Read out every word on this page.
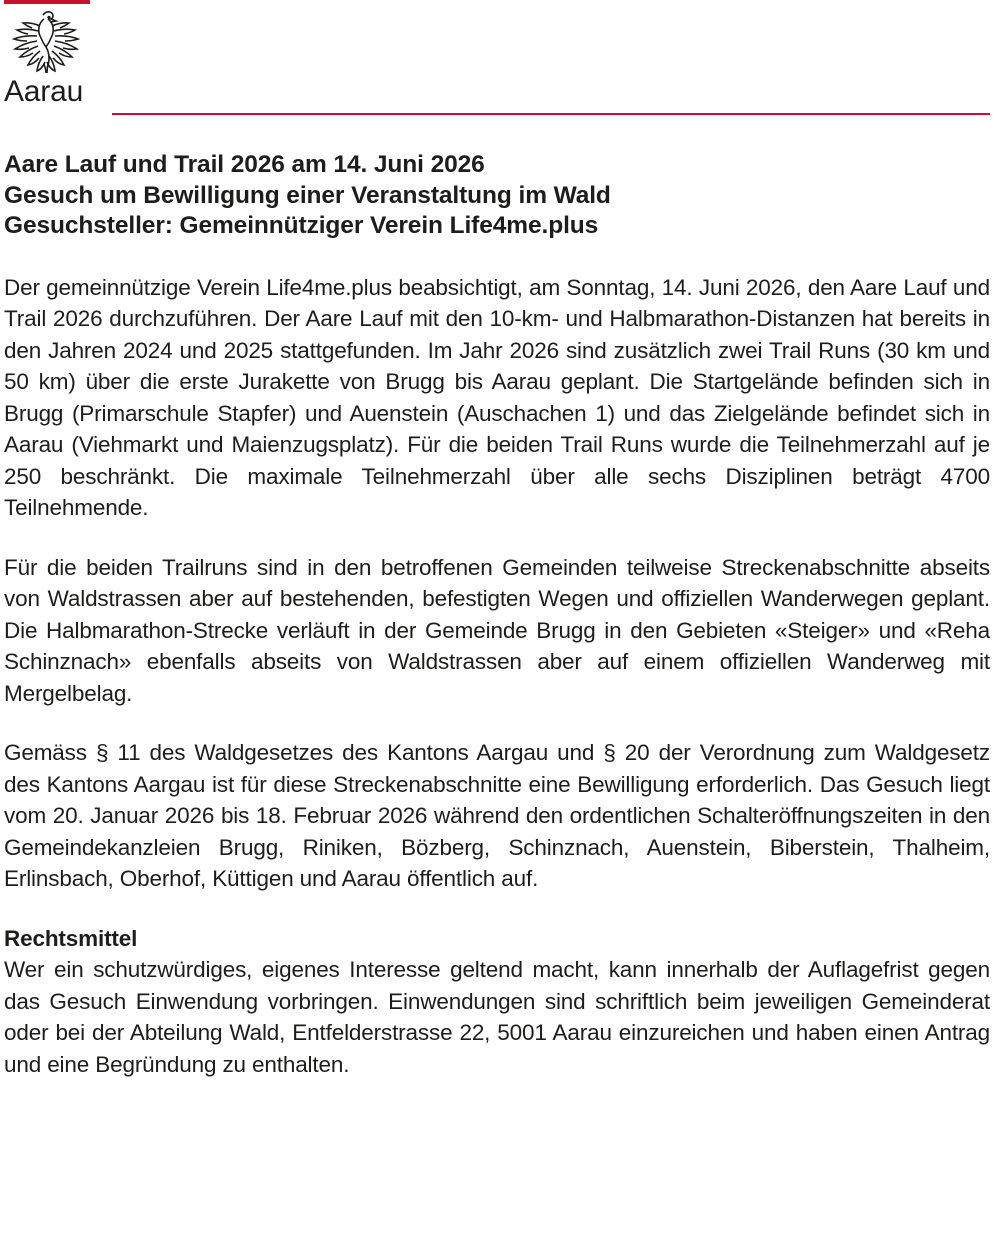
Aarau
Aare Lauf und Trail 2026 am 14. Juni 2026
Gesuch um Bewilligung einer Veranstaltung im Wald
Gesuchsteller: Gemeinnütziger Verein Life4me.plus

Der gemeinnützige Verein Life4me.plus beabsichtigt, am Sonntag, 14. Juni 2026, den Aare Lauf und Trail 2026 durchzuführen. Der Aare Lauf mit den 10-km- und Halbmarathon-Distanzen hat bereits in den Jahren 2024 und 2025 stattgefunden. Im Jahr 2026 sind zusätzlich zwei Trail Runs (30 km und 50 km) über die erste Jurakette von Brugg bis Aarau geplant. Die Startgelände befinden sich in Brugg (Primarschule Stapfer) und Auenstein (Auschachen 1) und das Zielgelände befindet sich in Aarau (Viehmarkt und Maienzugsplatz). Für die beiden Trail Runs wurde die Teilnehmerzahl auf je 250 beschränkt. Die maximale Teilnehmerzahl über alle sechs Disziplinen beträgt 4700 Teilnehmende.

Für die beiden Trailruns sind in den betroffenen Gemeinden teilweise Streckenabschnitte abseits von Waldstrassen aber auf bestehenden, befestigten Wegen und offiziellen Wanderwegen geplant. Die Halbmarathon-Strecke verläuft in der Gemeinde Brugg in den Gebieten «Steiger» und «Reha Schinznach» ebenfalls abseits von Waldstrassen aber auf einem offiziellen Wanderweg mit Mergelbelag.

Gemäss § 11 des Waldgesetzes des Kantons Aargau und § 20 der Verordnung zum Waldgesetz des Kantons Aargau ist für diese Streckenabschnitte eine Bewilligung erforderlich. Das Gesuch liegt vom 20. Januar 2026 bis 18. Februar 2026 während den ordentlichen Schalteröffnungszeiten in den Gemeindekanzleien Brugg, Riniken, Bözberg, Schinznach, Auenstein, Biberstein, Thalheim, Erlinsbach, Oberhof, Küttigen und Aarau öffentlich auf.

Rechtsmittel

Wer ein schutzwürdiges, eigenes Interesse geltend macht, kann innerhalb der Auflagefrist gegen das Gesuch Einwendung vorbringen. Einwendungen sind schriftlich beim jeweiligen Gemeinderat oder bei der Abteilung Wald, Entfelderstrasse 22, 5001 Aarau einzureichen und haben einen Antrag und eine Begründung zu enthalten.
